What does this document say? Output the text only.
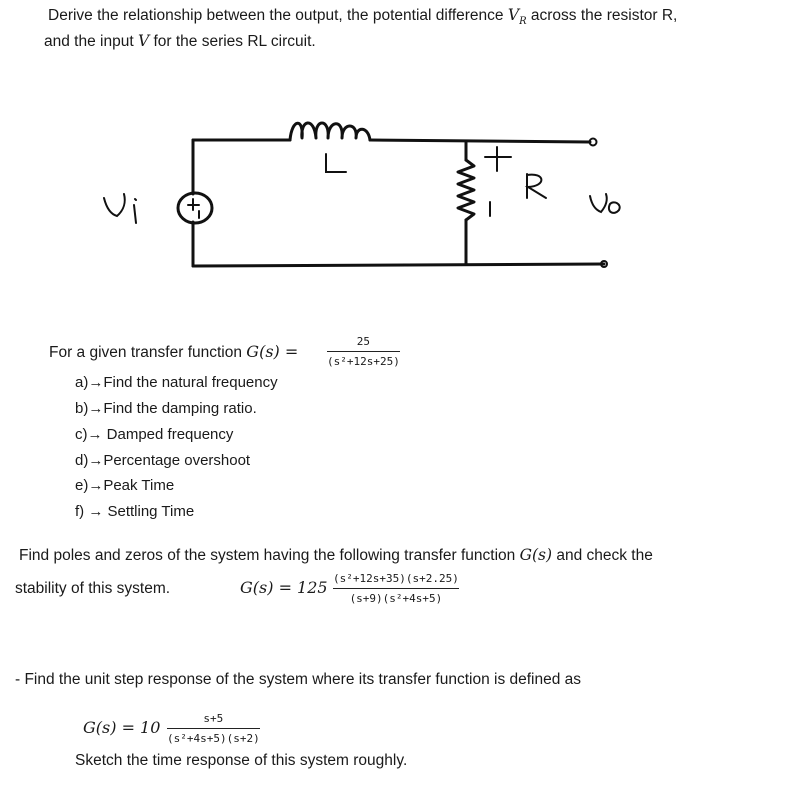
Derive the relationship between the output, the potential difference $V_R$ across the resistor R,
and the input V for the series RL circuit.
Vi
L
R
Vo
+
-
+
-
For a given transfer function G(s) =
25
(s²+12s+25)
a)→Find the natural frequency
b)→Find the damping ratio.
c)→ Damped frequency
d)→Percentage overshoot
e)→Peak Time
f) → Settling Time
Find poles and zeros of the system having the following transfer function G(s) and check the
stability of this system.	G(s) = 125 (s²+12s+35)(s+2.25)
(s+9)(s²+4s+5)
- Find the unit step response of the system where its transfer function is defined as
G(s) = 10	s+5
(s²+4s+5)(s+2)
Sketch the time response of this system roughly.
